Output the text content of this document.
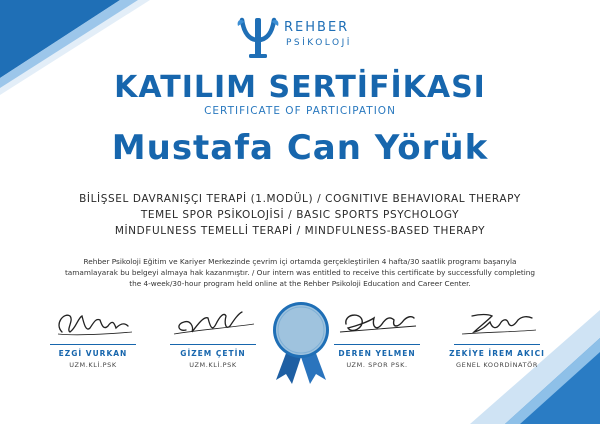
REHBER
PSİKOLOJİ
KATILIM SERTİFİKASI
CERTIFICATE OF PARTICIPATION
Mustafa Can Yörük
BİLİŞSEL DAVRANIŞÇI TERAPİ (1.MODÜL) / COGNITIVE BEHAVIORAL THERAPY
TEMEL SPOR PSİKOLOJİSİ / BASIC SPORTS PSYCHOLOGY
MİNDFULNESS TEMELLİ TERAPİ / MINDFULNESS-BASED THERAPY
Rehber Psikoloji Eğitim ve Kariyer Merkezinde çevrim içi ortamda gerçekleştirilen 4 hafta/30 saatlik programı başarıyla tamamlayarak bu belgeyi almaya hak kazanmıştır. / Our intern was entitled to receive this certificate by successfully completing the 4-week/30-hour program held online at the Rehber Psikoloji Education and Career Center.
EZGİ VURKAN
UZM.KLİ.PSK
GİZEM ÇETİN
UZM.KLİ.PSK
DEREN YELMEN
UZM. SPOR PSK.
ZEKİYE İREM AKICI
GENEL KOORDİNATÖR
